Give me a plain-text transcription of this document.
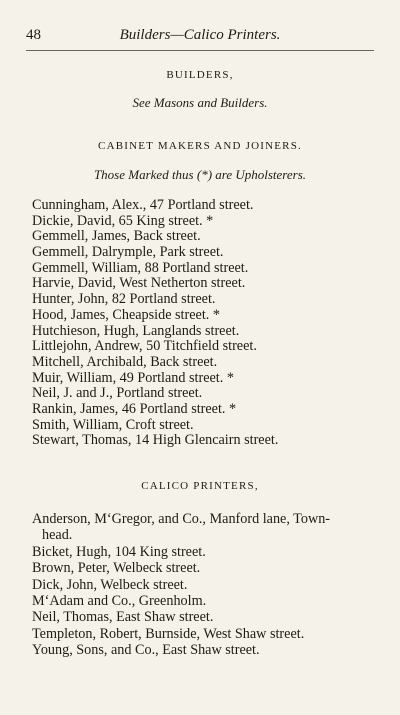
48	Builders—Calico Printers.
BUILDERS,
See Masons and Builders.
CABINET MAKERS AND JOINERS.
Those Marked thus (*) are Upholsterers.
Cunningham, Alex., 47 Portland street.
Dickie, David, 65 King street. *
Gemmell, James, Back street.
Gemmell, Dalrymple, Park street.
Gemmell, William, 88 Portland street.
Harvie, David, West Netherton street.
Hunter, John, 82 Portland street.
Hood, James, Cheapside street. *
Hutchieson, Hugh, Langlands street.
Littlejohn, Andrew, 50 Titchfield street.
Mitchell, Archibald, Back street.
Muir, William, 49 Portland street. *
Neil, J. and J., Portland street.
Rankin, James, 46 Portland street. *
Smith, William, Croft street.
Stewart, Thomas, 14 High Glencairn street.
CALICO PRINTERS,
Anderson, M‘Gregor, and Co., Manford lane, Town-
head.
Bicket, Hugh, 104 King street.
Brown, Peter, Welbeck street.
Dick, John, Welbeck street.
M‘Adam and Co., Greenholm.
Neil, Thomas, East Shaw street.
Templeton, Robert, Burnside, West Shaw street.
Young, Sons, and Co., East Shaw street.
